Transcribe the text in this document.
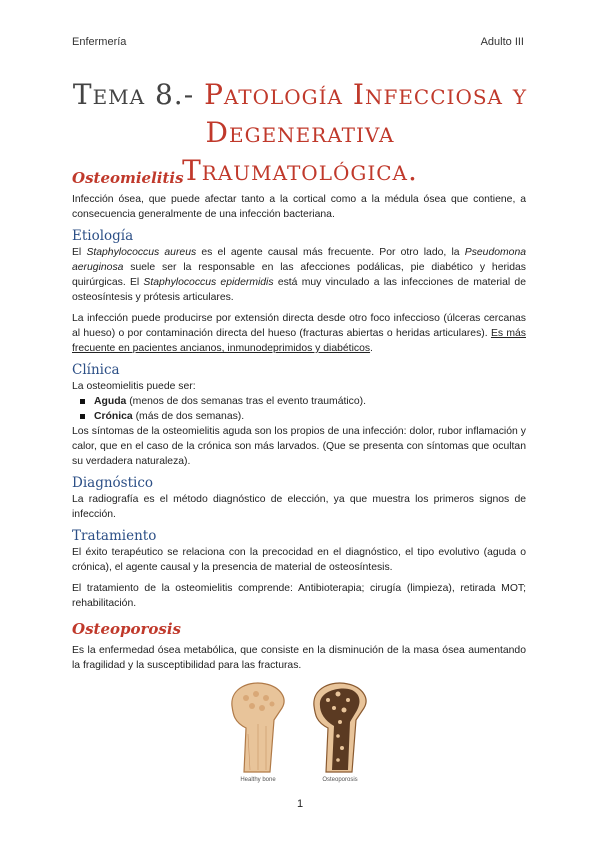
Enfermería	Adulto III
Tema 8.- Patología Infecciosa y Degenerativa
Traumatológica.
Osteomielitis

Infección ósea, que puede afectar tanto a la cortical como a la médula ósea que contiene, a consecuencia generalmente de una infección bacteriana.

Etiología

El Staphylococcus aureus es el agente causal más frecuente. Por otro lado, la Pseudomona aeruginosa suele ser la responsable en las afecciones podálicas, pie diabético y heridas quirúrgicas. El Staphylococcus epidermidis está muy vinculado a las infecciones de material de osteosíntesis y prótesis articulares.

La infección puede producirse por extensión directa desde otro foco infeccioso (úlceras cercanas al hueso) o por contaminación directa del hueso (fracturas abiertas o heridas articulares). Es más frecuente en pacientes ancianos, inmunodeprimidos y diabéticos.

Clínica

La osteomielitis puede ser:

Aguda (menos de dos semanas tras el evento traumático).
Crónica (más de dos semanas).

Los síntomas de la osteomielitis aguda son los propios de una infección: dolor, rubor inflamación y calor, que en el caso de la crónica son más larvados. (Que se presenta con síntomas que ocultan su verdadera naturaleza).

Diagnóstico

La radiografía es el método diagnóstico de elección, ya que muestra los primeros signos de infección.

Tratamiento

El éxito terapéutico se relaciona con la precocidad en el diagnóstico, el tipo evolutivo (aguda o crónica), el agente causal y la presencia de material de osteosíntesis.

El tratamiento de la osteomielitis comprende: Antibioterapia; cirugía (limpieza), retirada MOT; rehabilitación.

Osteoporosis

Es la enfermedad ósea metabólica, que consiste en la disminución de la masa ósea aumentando la fragilidad y la susceptibilidad para las fracturas.

Healthy bone	Osteoporosis
1
